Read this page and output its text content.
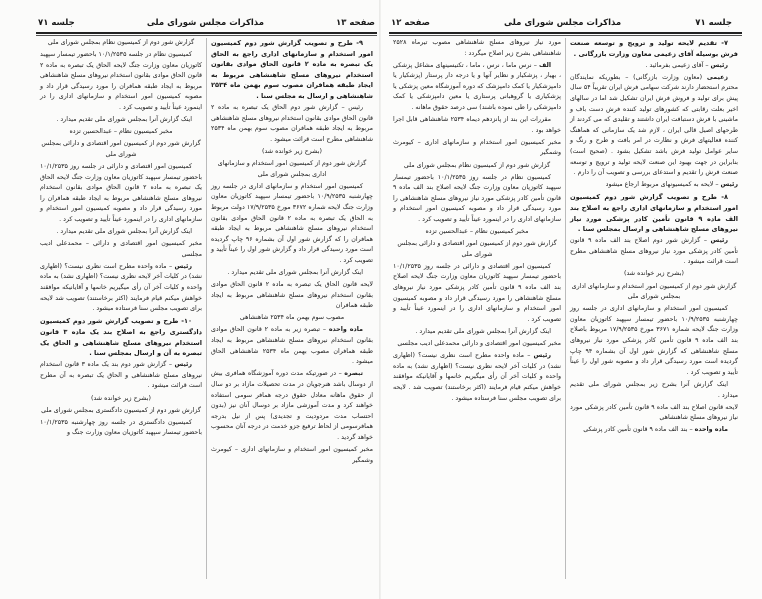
صفحه ۱۳
مذاکرات مجلس شورای ملی
جلسه ۷۱

۹- طرح و تصویب گزارش شور دوم کمیسیون امور استخدام و سازمانهای اداری راجع به الحاق یک تبصره به ماده ۲ قانون الحاق موادی بقانون استخدام نیروهای مسلح شاهنشاهی مربوط به ایجاد طبقه همافران مصوب سوم بهمن ماه ۲۵۳۴ شاهنشاهی و ارسال به مجلس سنا .

رئیس – گزارش شور دوم الحاق یک تبصره به ماده ۲ قانون الحاق موادی بقانون استخدام نیروهای مسلح شاهنشاهی مربوط به ایجاد طبقه همافران مصوب سوم بهمن ماه ۲۵۳۴ شاهنشاهی مطرح است قرائت میشود .

(بشرح زیر خوانده شد)

گزارش شور دوم از کمیسیون امور استخدام و سازمانهای اداری بمجلس شورای ملی

کمیسیون امور استخدام و سازمانهای اداری در جلسه روز چهارشنبه ۱۰/۹/۲۵۳۵ باحضور تیمسار سپهبد کاتوزیان معاون وزارت جنگ لایحه شماره ۳۶۷۲ مورخ ۱۷/۹/۲۵۳۵ دولت مربوط به الحاق یک تبصره به ماده ۲ قانون الحاق موادی بقانون استخدام نیروهای مسلح شاهنشاهی مربوط به ایجاد طبقه همافران را که گزارش شور اول آن بشماره ۹۶ چاپ گردیده است مورد رسیدگی قرار داد و گزارش شور اول را عیناً تأیید و تصویب کرد .

اینک گزارش آنرا بمجلس شورای ملی تقدیم میدارد .

لایحه قانون الحاق یک تبصره به ماده ۲ قانون الحاق موادی بقانون استخدام نیروهای مسلح شاهنشاهی مربوط به ایجاد طبقه همافران

مصوب سوم بهمن ماه ۲۵۳۴ شاهنشاهی

ماده واحده – تبصره زیر به ماده ۲ قانون الحاق موادی بقانون استخدام نیروهای مسلح شاهنشاهی مربوط به ایجاد طبقه همافران مصوب بهمن ماه ۲۵۳۴ شاهنشاهی الحاق میشود .

تبصره – در صورتیکه مدت دوره آموزشگاه همافری بیش از دوسال باشد هنرجویان در مدت تحصیلات مازاد بر دو سال از حقوق ماهانه معادل حقوق درجه همافر سومی استفاده خواهند کرد و مدت آموزشی مازاد بر دوسال آنان نیز (بدون احتساب مدت مردودیت و تجدیدی) پس از نیل بدرجه همافرسومی از لحاظ ترفیع جزو خدمت در درجه آنان محسوب خواهد گردید .

مخبر کمیسیون امور استخدام و سازمانهای اداری – کیومرث وشمگیر

گزارش شور دوم از کمیسیون نظام بمجلس شورای ملی

کمیسیون نظام در جلسه ۱۰/۱/۲۵۳۵ باحضور تیمسار سپهبد کاتوزیان معاون وزارت جنگ لایحه الحاق یک تبصره به ماده ۲ قانون الحاق موادی بقانون استخدام نیروهای مسلح شاهنشاهی مربوط به ایجاد طبقه همافران را مورد رسیدگی قرار داد و مصوبه کمیسیون امور استخدام و سازمانهای اداری را در اینمورد عیناً تأیید و تصویب کرد .

اینک گزارش آنرا بمجلس شورای ملی تقدیم میدارد .

مخبر کمیسیون نظام – عبدالحسین تزده

گزارش شور دوم از کمیسیون امور اقتصادی و دارائی بمجلس شورای ملی

کمیسیون امور اقتصادی و دارائی در جلسه روز ۱۰/۱/۲۵۳۵ باحضور تیمسار سپهبد کاتوزیان معاون وزارت جنگ لایحه الحاق یک تبصره به ماده ۲ قانون الحاق موادی بقانون استخدام نیروهای مسلح شاهنشاهی مربوط به ایجاد طبقه همافران را مورد رسیدگی قرار داد و مصوبه کمیسیون امور استخدام و سازمانهای اداری را در اینمورد عیناً تأیید و تصویب کرد .

اینک گزارش آنرا بمجلس شورای ملی تقدیم میدارد .

مخبر کمیسیون امور اقتصادی و دارائی – محمدعلی ادیب مجلسی

رئیس – ماده واحده مطرح است نظری نیست؟ (اظهاری نشد) در کلیات آخر لایحه نظری نیست؟ (اظهاری نشد) به ماده واحده و کلیات آخر آن رأی میگیریم خانمها و آقایانیکه موافقند خواهش میکنم قیام فرمایند (اکثر برخاستند) تصویب شد لایحه برای تصویب مجلس سنا فرستاده میشود .

۱۰- طرح و تصویب گزارش شور دوم کمیسیون دادگستری راجع به اصلاح بند یک ماده ۳ قانون استخدام نیروهای مسلح شاهنشاهی و الحاق یک تبصره به آن و ارسال بمجلس سنا .

رئیس – گزارش شور دوم بند یک ماده ۳ قانون استخدام نیروهای مسلح شاهنشاهی و الحاق یک تبصره به آن مطرح است قرائت میشود .

(بشرح زیر خوانده شد)

گزارش شور دوم از کمیسیون دادگستری بمجلس شورای ملی

کمیسیون دادگستری در جلسه روز چهارشنبه ۱۰/۱/۲۵۳۵ باحضور تیمسار سپهبد کاتوزیان معاون وزارت جنگ و

جلسه ۷۱
مذاکرات مجلس شورای ملی
صفحه ۱۲

۷- تقدیم لایحه تولید و ترویج و توسعه صنعت فرش بوسیله آقای زعیمی معاون وزارت بازرگانی .

رئیس – آقای زعیمی بفرمائید .

زعیمی (معاون وزارت بازرگانی) – بطوریکه نمایندگان محترم استحضار دارند شرکت سهامی فرش ایران تقریباً ۵۴ سال پیش برای تولید و فروش فرش ایران تشکیل شد اما در سالهای اخیر بعلت رقابتی که کشورهای تولید کننده فرش دست باف و ماشینی با فرش دستبافت ایران داشتند و تقلیدی که می کردند از طرحهای اصیل قالی ایران ، لازم شد یک سازمانی که هماهنگ کننده فعالیتهای فرش و نظارت در امر بافت و طرح و رنگ و سایر عوامل تولید فرش باشد تشکیل بشود . (صحیح است) بنابراین در جهت بهبود این صنعت لایحه تولید و ترویج و توسعه صنعت فرش را تقدیم و استدعای بررسی و تصویب آن را دارم .

رئیس – لایحه به کمیسیونهای مربوط ارجاع میشود

۸- طرح و تصویب گزارش شور دوم کمیسیون امور استخدام و سازمانهای اداری راجع به اصلاح بند الف ماده ۹ قانون تأمین کادر پزشکی مورد نیاز نیروهای مسلح شاهنشاهی و ارسال بمجلس سنا .

رئیس – گزارش شور دوم اصلاح بند الف ماده ۹ قانون تأمین کادر پزشکی مورد نیاز نیروهای مسلح شاهنشاهی مطرح است قرائت میشود .

(بشرح زیر خوانده شد)

گزارش شور دوم از کمیسیون امور استخدام و سازمانهای اداری بمجلس شورای ملی

کمیسیون امور استخدام و سازمانهای اداری در جلسه روز چهارشنبه ۱۰/۹/۲۵۳۵ باحضور تیمسار سپهبد کاتوزیان معاون وزارت جنگ لایحه شماره ۳۶۷۱ مورخ ۱۷/۹/۲۵۳۵ مربوط باصلاح بند الف ماده ۹ قانون تأمین کادر پزشکی مورد نیاز نیروهای مسلح شاهنشاهی که گزارش شور اول آن بشماره ۹۴ چاپ گردیده است مورد رسیدگی قرار داد و مصوبه شور اول را عیناً تأیید و تصویب کرد .

اینک گزارش آنرا بشرح زیر بمجلس شورای ملی تقدیم میدارد .

لایحه قانون اصلاح بند الف ماده ۹ قانون تأمین کادر پزشکی مورد نیاز نیروهای مسلح شاهنشاهی

ماده واحده – بند الف ماده ۹ قانون تأمین کادر پزشکی

مورد نیاز نیروهای مسلح شاهنشاهی مصوب تیرماه ۲۵۲۸ شاهنشاهی بشرح زیر اصلاح میگردد :

الف – نرس ماما ، نرس ، ماما ، تکنیسینهای مشاغل پزشکی ، بهیار ، پزشکیار و نظایر آنها و یا درجه دار پرستار (پزشکیار یا دامپزشکیار یا کمک دامپزشک که دوره آموزشگاه معین پزشکی یا پزشکیاری یا گروهبانی پرستاری یا معین دامپزشکی یا کمک دامپزشکی را طی نموده باشند) سی درصد حقوق ماهانه .

مقررات این بند از پانزدهم دیماه ۲۵۳۴ شاهنشاهی قابل اجرا خواهد بود .

مخبر کمیسیون امور استخدام و سازمانهای اداری – کیومرث وشمگیر

گزارش شور دوم از کمیسیون نظام بمجلس شورای ملی

کمیسیون نظام در جلسه روز ۱۰/۱/۲۵۳۵ باحضور تیمسار سپهبد کاتوزیان معاون وزارت جنگ لایحه اصلاح بند الف ماده ۹ قانون تأمین کادر پزشکی مورد نیاز نیروهای مسلح شاهنشاهی را مورد رسیدگی قرار داد و مصوبه کمیسیون امور استخدام و سازمانهای اداری را در اینمورد عیناً تأیید و تصویب کرد .

مخبر کمیسیون نظام – عبدالحسین تزده

گزارش شور دوم از کمیسیون امور اقتصادی و دارائی بمجلس شورای ملی

کمیسیون امور اقتصادی و دارائی در جلسه روز ۱۰/۱/۲۵۳۵ باحضور تیمسار سپهبد کاتوزیان معاون وزارت جنگ لایحه اصلاح بند الف ماده ۹ قانون تأمین کادر پزشکی مورد نیاز نیروهای مسلح شاهنشاهی را مورد رسیدگی قرار داد و مصوبه کمیسیون امور استخدام و سازمانهای اداری را در اینمورد عیناً تأیید و تصویب کرد .

اینک گزارش آنرا بمجلس شورای ملی تقدیم میدارد .

مخبر کمیسیون امور اقتصادی و دارائی محمدعلی ادیب مجلسی

رئیس – ماده واحده مطرح است نظری نیست؟ (اظهاری نشد) در کلیات آخر لایحه نظری نیست؟ (اظهاری نشد) به ماده واحده و کلیات آخر آن رأی میگیریم خانمها و آقایانیکه موافقند خواهش میکنم قیام فرمایند (اکثر برخاستند) تصویب شد . لایحه برای تصویب مجلس سنا فرستاده میشود .
